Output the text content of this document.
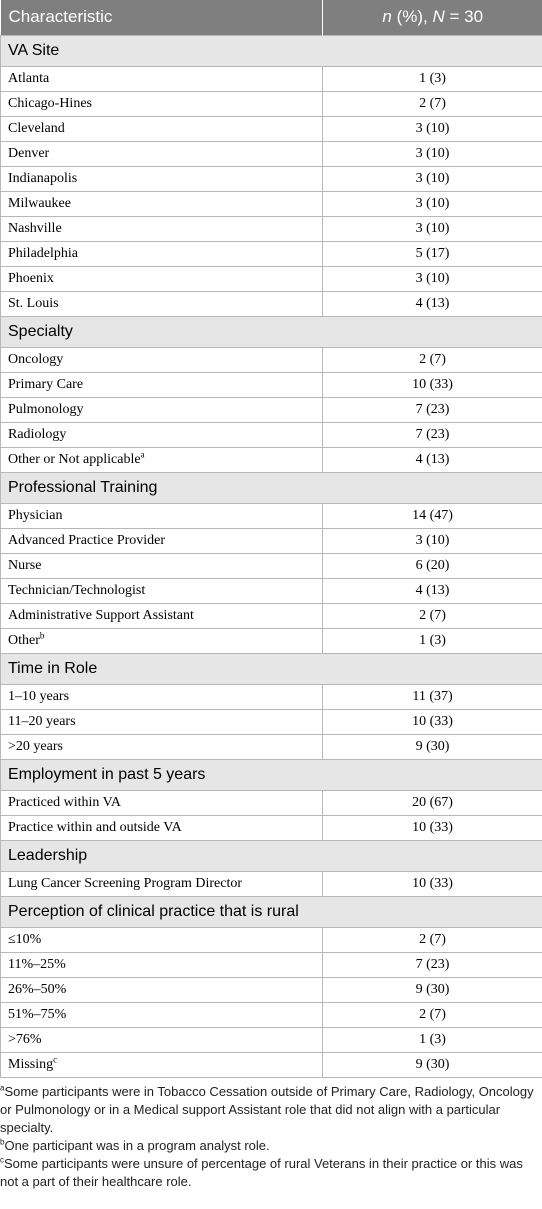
Characteristic	n (%), N = 30
VA Site	
Atlanta	1 (3)
Chicago-Hines	2 (7)
Cleveland	3 (10)
Denver	3 (10)
Indianapolis	3 (10)
Milwaukee	3 (10)
Nashville	3 (10)
Philadelphia	5 (17)
Phoenix	3 (10)
St. Louis	4 (13)
Specialty	
Oncology	2 (7)
Primary Care	10 (33)
Pulmonology	7 (23)
Radiology	7 (23)
Other or Not applicable$^a$	4 (13)
Professional Training	
Physician	14 (47)
Advanced Practice Provider	3 (10)
Nurse	6 (20)
Technician/Technologist	4 (13)
Administrative Support Assistant	2 (7)
Other$^b$	1 (3)
Time in Role	
1–10 years	11 (37)
11–20 years	10 (33)
>20 years	9 (30)
Employment in past 5 years	
Practiced within VA	20 (67)
Practice within and outside VA	10 (33)
Leadership	
Lung Cancer Screening Program Director	10 (33)
Perception of clinical practice that is rural	
≤10%	2 (7)
11%–25%	7 (23)
26%–50%	9 (30)
51%–75%	2 (7)
>76%	1 (3)
Missing$^c$	9 (30)

$^a$Some participants were in Tobacco Cessation outside of Primary Care, Radiology, Oncology or Pulmonology or in a Medical support Assistant role that did not align with a particular specialty.

$^b$One participant was in a program analyst role.

$^c$Some participants were unsure of percentage of rural Veterans in their practice or this was not a part of their healthcare role.
